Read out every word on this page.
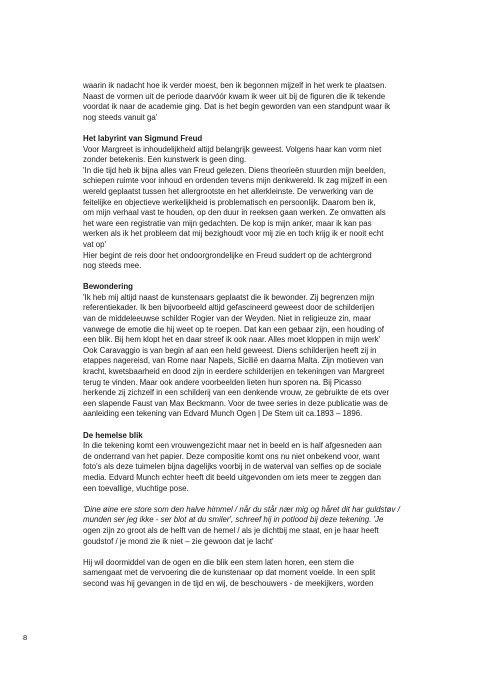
waarin ik nadacht hoe ik verder moest, ben ik begonnen mijzelf in het werk te plaatsen.
Naast de vormen uit de periode daarvóór kwam ik weer uit bij de figuren die ik tekende
voordat ik naar de academie ging. Dat is het begin geworden van een standpunt waar ik
nog steeds vanuit ga'
Het labyrint van Sigmund Freud
Voor Margreet is inhoudelijkheid altijd belangrijk geweest. Volgens haar kan vorm niet
zonder betekenis. Een kunstwerk is geen ding.
'In die tijd heb ik bijna alles van Freud gelezen. Diens theorieën stuurden mijn beelden,
schiepen ruimte voor inhoud en ordenden tevens mijn denkwereld. Ik zag mijzelf in een
wereld geplaatst tussen het allergrootste en het allerkleinste. De verwerking van de
feitelijke en objectieve werkelijkheid is problematisch en persoonlijk. Daarom ben ik,
om mijn verhaal vast te houden, op den duur in reeksen gaan werken. Ze omvatten als
het ware een registratie van mijn gedachten. De kop is mijn anker, maar ik kan pas
werken als ik het probleem dat mij bezighoudt voor mij zie en toch krijg ik er nooit echt
vat op'
Hier begint de reis door het ondoorgrondelijke en Freud suddert op de achtergrond
nog steeds mee.
Bewondering
'Ik heb mij altijd naast de kunstenaars geplaatst die ik bewonder. Zij begrenzen mijn
referentiekader. Ik ben bijvoorbeeld altijd gefascineerd geweest door de schilderijen
van de middeleeuwse schilder Rogier van der Weyden. Niet in religieuze zin, maar
vanwege de emotie die hij weet op te roepen. Dat kan een gebaar zijn, een houding of
een blik. Bij hem klopt het en daar streef ik ook naar. Alles moet kloppen in mijn werk'
Ook Caravaggio is van begin af aan een held geweest. Diens schilderijen heeft zij in
etappes nagereisd, van Rome naar Napels, Sicilië en daarna Malta. Zijn motieven van
kracht, kwetsbaarheid en dood zijn in eerdere schilderijen en tekeningen van Margreet
terug te vinden. Maar ook andere voorbeelden lieten hun sporen na. Bij Picasso
herkende zij zichzelf in een schilderij van een denkende vrouw, ze gebruikte de ets over
een slapende Faust van Max Beckmann. Voor de twee series in deze publicatie was de
aanleiding een tekening van Edvard Munch Ogen | De Stem uit ca.1893 – 1896.
De hemelse blik
In die tekening komt een vrouwengezicht maar net in beeld en is half afgesneden aan
de onderrand van het papier. Deze compositie komt ons nu niet onbekend voor, want
foto's als deze tuimelen bijna dagelijks voorbij in de waterval van selfies op de sociale
media. Edvard Munch echter heeft dit beeld uitgevonden om iets meer te zeggen dan
een toevallige, vluchtige pose.
'Dine øine ere store som den halve himmel / når du står nær mig og håret dit har guldstøv /
munden ser jeg ikke - ser blot at du smiler', schreef hij in potlood bij deze tekening. 'Je
ogen zijn zo groot als de helft van de hemel / als je dichtbij me staat, en je haar heeft
goudstof / je mond zie ik niet – zie gewoon dat je lacht'
Hij wil doormiddel van de ogen en die blik een stem laten horen, een stem die
samengaat met de vervoering die de kunstenaar op dat moment voelde. In een split
second was hij gevangen in de tijd en wij, de beschouwers - de meekijkers, worden
8
